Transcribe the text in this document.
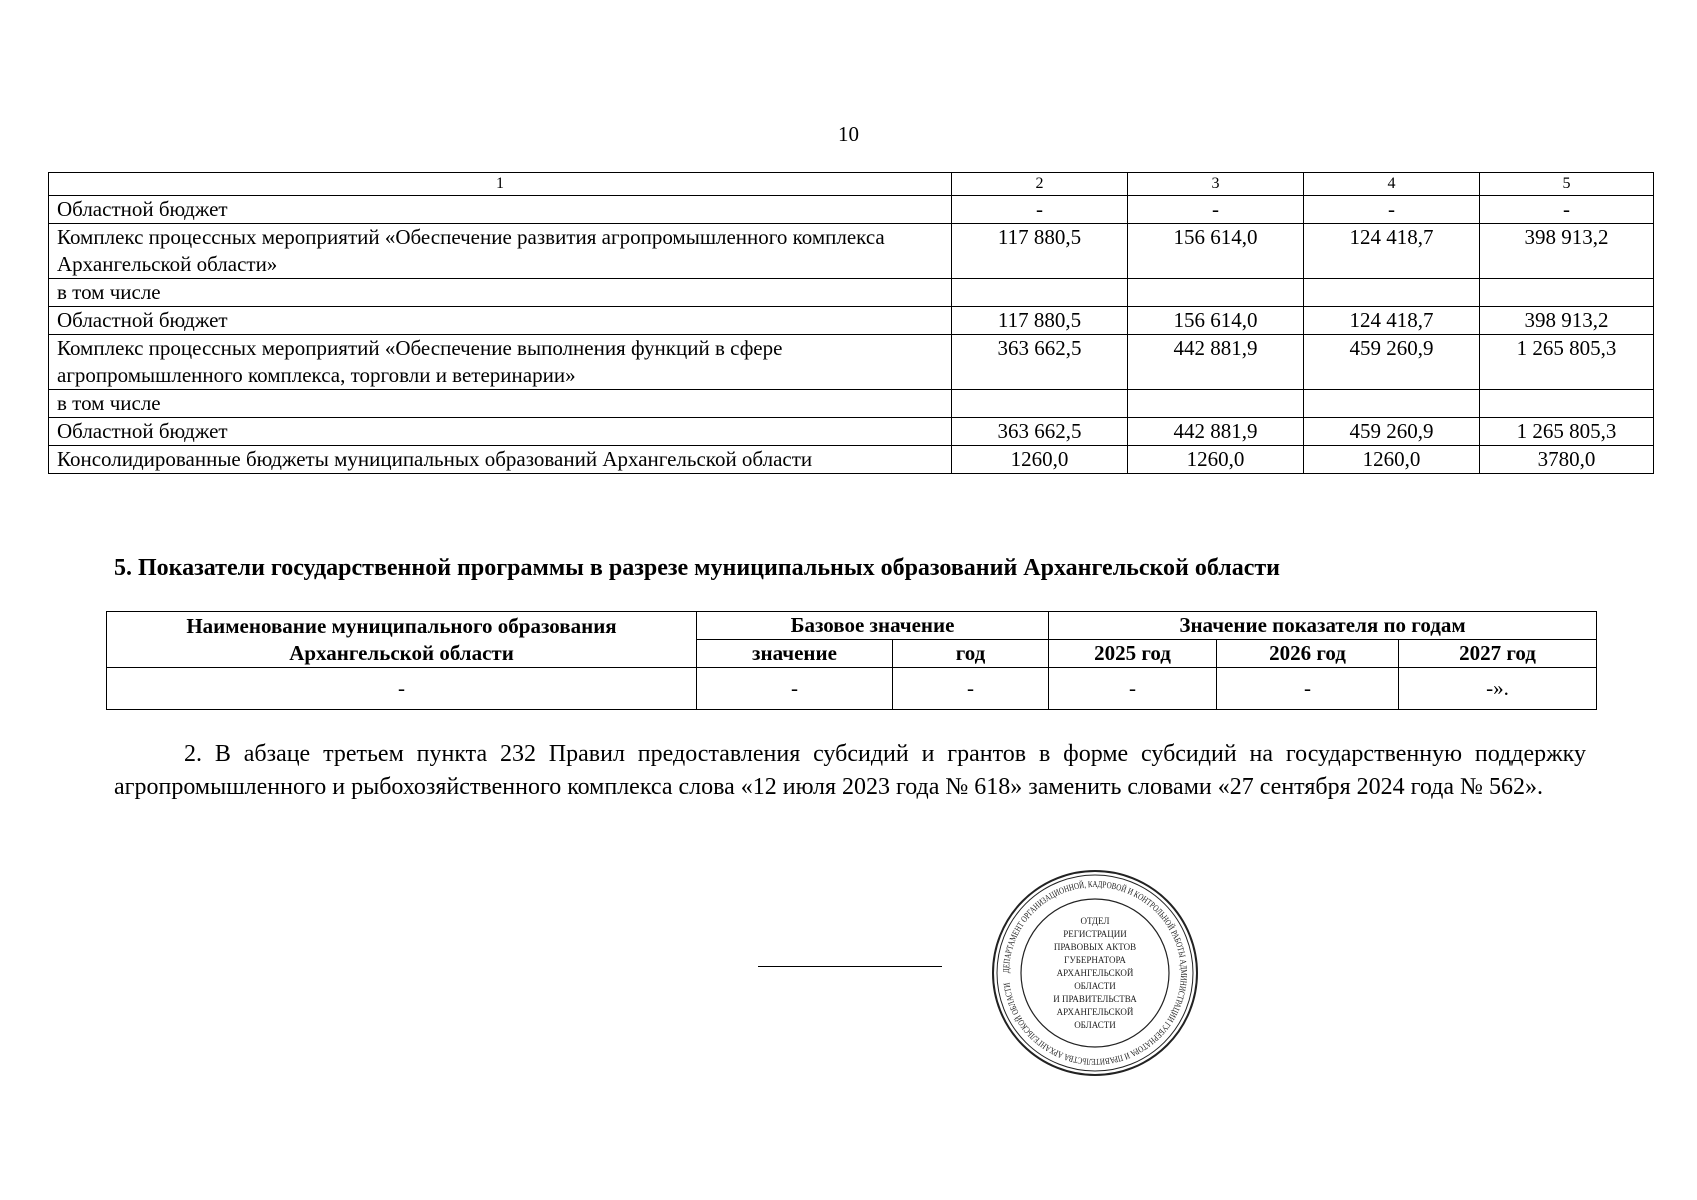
10
1	2	3	4	5
Областной бюджет	-	-	-	-
Комплекс процессных мероприятий «Обеспечение развития агропромышленного комплекса Архангельской области»	117 880,5	156 614,0	124 418,7	398 913,2
в том числе				
Областной бюджет	117 880,5	156 614,0	124 418,7	398 913,2
Комплекс процессных мероприятий «Обеспечение выполнения функций в сфере агропромышленного комплекса, торговли и ветеринарии»	363 662,5	442 881,9	459 260,9	1 265 805,3
в том числе				
Областной бюджет	363 662,5	442 881,9	459 260,9	1 265 805,3
Консолидированные бюджеты муниципальных образований Архангельской области	1260,0	1260,0	1260,0	3780,0
5. Показатели государственной программы в разрезе муниципальных образований Архангельской области
Наименование муниципального образования Архангельской области	Базовое значение		Значение показателя по годам		
	значение	год	2025 год	2026 год	2027 год
-	-	-	-	-	-».
2. В абзаце третьем пункта 232 Правил предоставления субсидий и грантов в форме субсидий на государственную поддержку агропромышленного и рыбохозяйственного комплекса слова «12 июля 2023 года № 618» заменить словами «27 сентября 2024 года № 562».
ДЕПАРТАМЕНТ ОРГАНИЗАЦИОННОЙ, КАДРОВОЙ И КОНТРОЛЬНОЙ РАБОТЫ АДМИНИСТРАЦИИ ГУБЕРНАТОРА И ПРАВИТЕЛЬСТВА АРХАНГЕЛЬСКОЙ ОБЛАСТИ
ОТДЕЛ
РЕГИСТРАЦИИ
ПРАВОВЫХ АКТОВ
ГУБЕРНАТОРА
АРХАНГЕЛЬСКОЙ
ОБЛАСТИ
И ПРАВИТЕЛЬСТВА
АРХАНГЕЛЬСКОЙ
ОБЛАСТИ
